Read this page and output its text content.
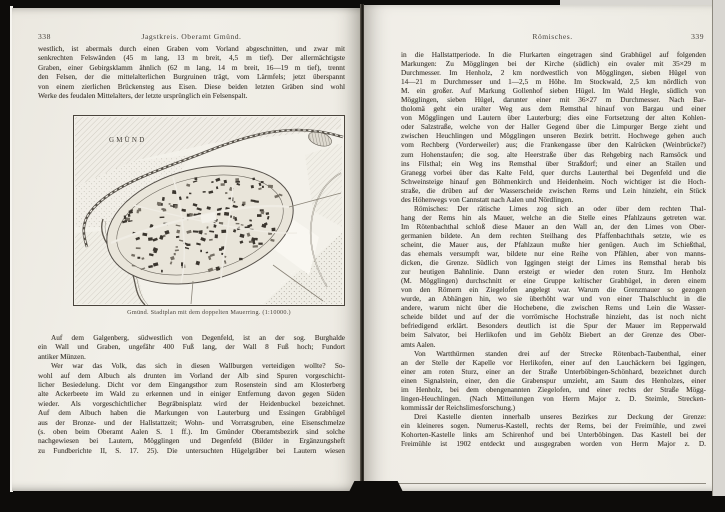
338	Jagstkreis. Oberamt Gmünd.
westlich, ist abermals durch einen Graben vom Vorland abgeschnitten, und zwar mit
senkrechten Felswänden (45 m lang, 13 m breit, 4,5 m tief). Der allermächtigste
Graben, einer Gebirgsklamm ähnlich (62 m lang, 14 m breit, 16—19 m tief), trennt
den Felsen, der die mittelalterlichen Burgruinen trägt, vom Lärmfels; jetzt überspannt
von einem zierlichen Brückensteg aus Eisen. Diese beiden letzten Gräben sind wohl
Werke des feudalen Mittelalters, der letzte ursprünglich ein Felsenspalt.
GMÜND
Gmünd. Stadtplan mit dem doppelten Mauerring. (1:10000.)
Auf dem Galgenberg, südwestlich von Degenfeld, ist an der sog. Burghalde
ein Wall und Graben, ungefähr 400 Fuß lang, der Wall 8 Fuß hoch; Fundort
antiker Münzen.
Wer war das Volk, das sich in diesen Wallburgen verteidigen wollte? So-
wohl auf dem Albuch als drunten im Vorland der Alb sind Spuren vorgeschicht-
licher Besiedelung. Dicht vor dem Eingangsthor zum Rosenstein sind am Klosterberg
alte Ackerbeete im Wald zu erkennen und in einiger Entfernung davon gegen Süden
wieder. Als vorgeschichtlicher Begräbnisplatz wird der Heidenbuckel bezeichnet.
Auf dem Albuch haben die Markungen von Lauterburg und Essingen Grabhügel
aus der Bronze- und der Hallstattzeit; Wohn- und Vorratsgruben, eine Eisenschmelze
(s. oben beim Oberamt Aalen S. 1 ff.). Im Gmünder Oberamtsbezirk sind solche
nachgewiesen bei Lautern, Mögglingen und Degenfeld (Bilder in Ergänzungsheft
zu Fundberichte II, S. 17. 25). Die untersuchten Hügelgräber bei Lautern wiesen
Römisches.	339
in die Hallstattperiode. In die Flurkarten eingetragen sind Grabhügel auf folgenden
Markungen: Zu Mögglingen bei der Kirche (südlich) ein ovaler mit 35×29 m
Durchmesser. Im Henholz, 2 km nordwestlich von Mögglingen, sieben Hügel von
14—21 m Durchmesser und 1—2,5 m Höhe. Im Stockwald, 2,5 km nördlich von
M. ein großer. Auf Markung Gollenhof sieben Hügel. Im Wald Hegle, südlich von
Mögglingen, sieben Hügel, darunter einer mit 36×27 m Durchmesser. Nach Bar-
tholomä geht ein uralter Weg aus dem Remsthal hinauf von Bargau und einer
von Mögglingen und Lautern über Lauterburg; dies eine Fortsetzung der alten Kohlen-
oder Salzstraße, welche von der Haller Gegend über die Limpurger Berge zieht und
zwischen Heuchlingen und Mögglingen unseren Bezirk betritt. Hochwege gehen auch
vom Rechberg (Vorderweiler) aus; die Frankengasse über den Kalrücken (Weinbrücke?)
zum Hohenstaufen; die sog. alte Heerstraße über das Rehgebirg nach Ramsöck und
ins Filsthal; ein Weg ins Remsthal über Straßdorf; und einer an Stailen und
Granegg vorbei über das Kalte Feld, quer durchs Lauterthal bei Degenfeld und die
Schweinsteige hinauf gen Böhmenkirch und Heidenheim. Noch wichtiger ist die Hoch-
straße, die drüben auf der Wasserscheide zwischen Rems und Lein hinzieht, ein Stück
des Höhenwegs von Cannstatt nach Aalen und Nördlingen.
Römisches: Der rätische Limes zog sich an oder über dem rechten Thal-
hang der Rems hin als Mauer, welche an die Stelle eines Pfahlzauns getreten war.
Im Rötenbachthal schloß diese Mauer an den Wall an, der den Limes von Ober-
germanien bildete. An dem rechten Steilhang des Pfaffenbachthals setzte, wie es
scheint, die Mauer aus, der Pfahlzaun mußte hier genügen. Auch im Schießthal,
das ehemals versumpft war, bildete nur eine Reihe von Pfählen, aber von manns-
dicken, die Grenze. Südlich von Iggingen steigt der Limes ins Remsthal herab bis
zur heutigen Bahnlinie. Dann ersteigt er wieder den roten Sturz. Im Henholz
(M. Mögglingen) durchschnitt er eine Gruppe keltischer Grabhügel, in deren einem
von den Römern ein Ziegelofen angelegt war. Warum die Grenzmauer so gezogen
wurde, an Abhängen hin, wo sie überhöht war und von einer Thalschlucht in die
andere, warum nicht über die Hochebene, die zwischen Rems und Lein die Wasser-
scheide bildet und auf der die vorrömische Hochstraße hinzieht, das ist noch nicht
befriedigend erklärt. Besonders deutlich ist die Spur der Mauer im Repperwald
beim Salvator, bei Herlikofen und im Gehölz Biebert an der Grenze des Ober-
amts Aalen.
Von Wartthürmen standen drei auf der Strecke Rötenbach-Taubenthal, einer
an der Stelle der Kapelle vor Herlikofen, einer auf den Lauchäckern bei Iggingen,
einer am roten Sturz, einer an der Straße Unterböbingen-Schönhard, bezeichnet durch
einen Signalstein, einer, den die Grabenspur umzieht, am Saum des Henholzes, einer
im Henholz, bei dem obengenannten Ziegelofen, und einer rechts der Straße Mögg-
lingen-Heuchlingen. (Nach Mitteilungen von Herrn Major z. D. Steimle, Strecken-
kommissär der Reichslimesforschung.)
Drei Kastelle dienten innerhalb unseres Bezirkes zur Deckung der Grenze:
ein kleineres sogen. Numerus-Kastell, rechts der Rems, bei der Freimühle, und zwei
Kohorten-Kastelle links am Schirenhof und bei Unterböbingen. Das Kastell bei der
Freimühle ist 1902 entdeckt und ausgegraben worden von Herrn Major z. D.
